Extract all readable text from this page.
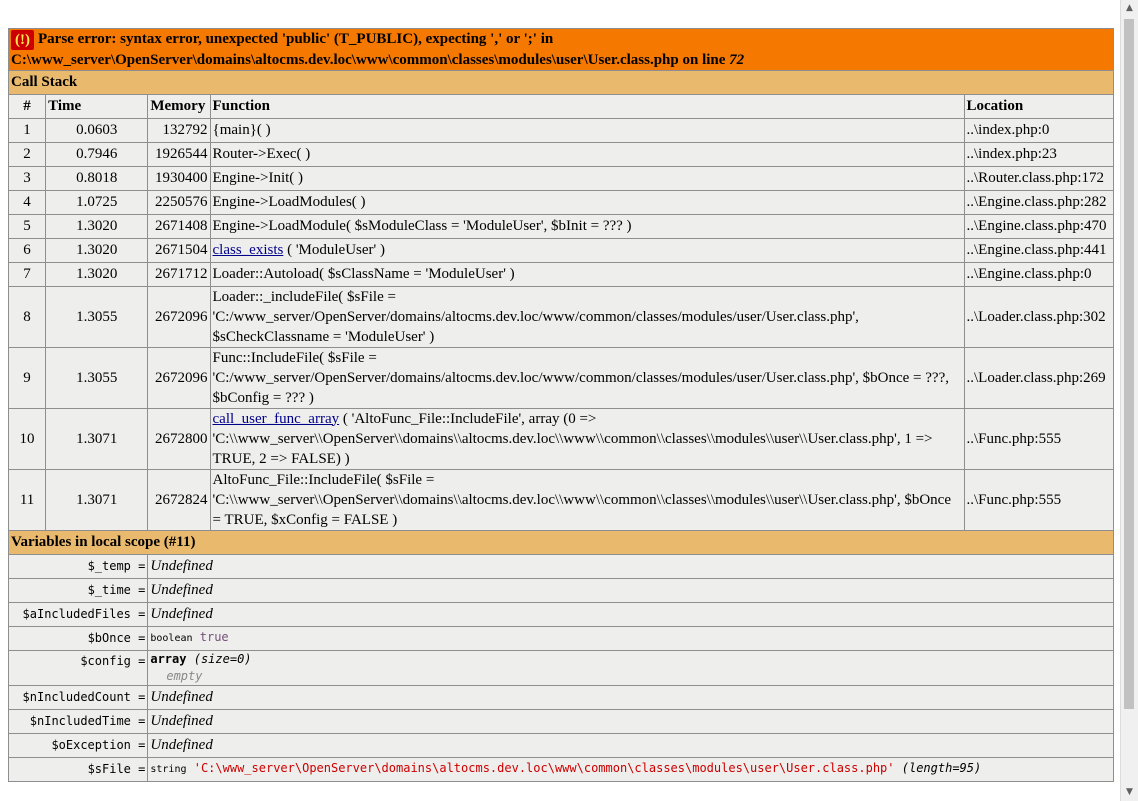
(!) Parse error: syntax error, unexpected 'public' (T_PUBLIC), expecting ',' or ';' in
C:\www_server\OpenServer\domains\altocms.dev.loc\www\common\classes\modules\user\User.class.php on line 72				
Call Stack				
#	Time	Memory	Function	Location
1	0.0603	132792	{main}( )	..\index.php:0
2	0.7946	1926544	Router->Exec( )	..\index.php:23
3	0.8018	1930400	Engine->Init( )	..\Router.class.php:172
4	1.0725	2250576	Engine->LoadModules( )	..\Engine.class.php:282
5	1.3020	2671408	Engine->LoadModule( $sModuleClass = 'ModuleUser', $bInit = ??? )	..\Engine.class.php:470
6	1.3020	2671504	class_exists ( 'ModuleUser' )	..\Engine.class.php:441
7	1.3020	2671712	Loader::Autoload( $sClassName = 'ModuleUser' )	..\Engine.class.php:0
8	1.3055	2672096	Loader::_includeFile( $sFile = 'C:/www_server/OpenServer/domains/altocms.dev.loc/www/common/classes/modules/user/User.class.php', $sCheckClassname = 'ModuleUser' )	..\Loader.class.php:302
9	1.3055	2672096	Func::IncludeFile( $sFile = 'C:/www_server/OpenServer/domains/altocms.dev.loc/www/common/classes/modules/user/User.class.php', $bOnce = ???, $bConfig = ??? )	..\Loader.class.php:269
10	1.3071	2672800	call_user_func_array ( 'AltoFunc_File::IncludeFile', array (0 => 'C:\\www_server\\OpenServer\\domains\\altocms.dev.loc\\www\\common\\classes\\modules\\user\\User.class.php', 1 => TRUE, 2 => FALSE) )	..\Func.php:555
11	1.3071	2672824	AltoFunc_File::IncludeFile( $sFile = 'C:\\www_server\\OpenServer\\domains\\altocms.dev.loc\\www\\common\\classes\\modules\\user\\User.class.php', $bOnce = TRUE, $xConfig = FALSE )	..\Func.php:555
Variables in local scope (#11)				
$_temp =		Undefined		
$_time =		Undefined		
$aIncludedFiles =		Undefined		
$bOnce =		boolean true		
$config =		array (size=0)
empty		
$nIncludedCount =		Undefined		
$nIncludedTime =		Undefined		
$oException =		Undefined		
$sFile =		string 'C:\www_server\OpenServer\domains\altocms.dev.loc\www\common\classes\modules\user\User.class.php' (length=95)		
▲
▼
